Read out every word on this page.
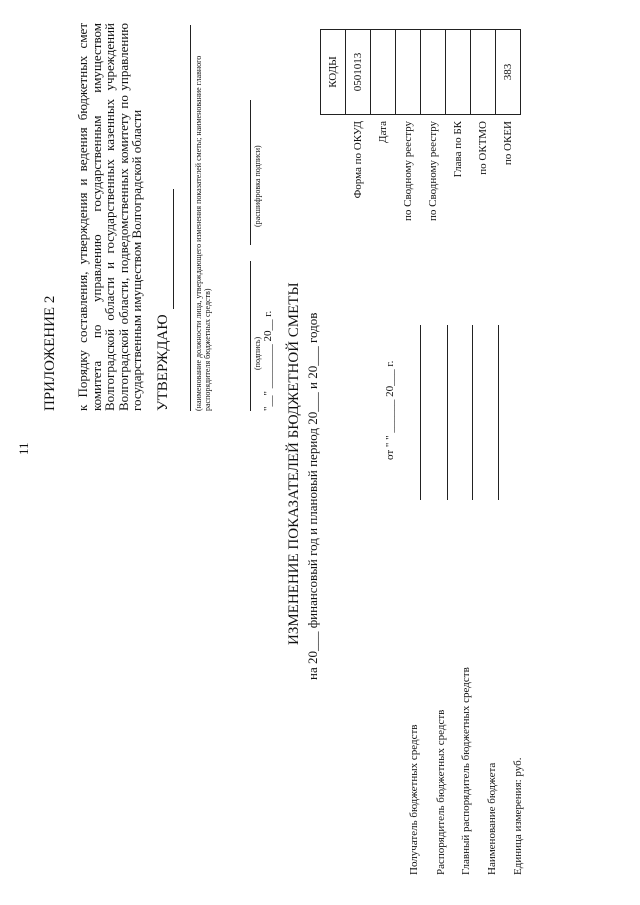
11
ПРИЛОЖЕНИЕ 2 к Порядку составления, утверждения и ведения бюджетных смет комитета по управлению государственным имуществом Волгоградской области и государственных казенных учреждений Волгоградской области, подведомственных комитету по управлению государственным имуществом Волгоградской области УТВЕРЖДАЮ	(наименование должности лица, утверждающего изменения показателей сметы; наименование главного распорядителя бюджетных средств)	(подпись)
(расшифровка подписи)
"__" ________ 20__ г. ИЗМЕНЕНИЕ ПОКАЗАТЕЛЕЙ БЮДЖЕТНОЙ СМЕТЫ на 20___ финансовый год и плановый период 20___ и 20___ годов	от " " ______ 20___ г.
Получатель бюджетных средств Распорядитель бюджетных средств Главный распорядитель бюджетных средств Наименование бюджета Единица измерения: руб.
	КОДЫ
Форма по ОКУД	0501013
Дата	
по Сводному реестру	
по Сводному реестру	
Глава по БК	
по ОКТМО	
по ОКЕИ	383
